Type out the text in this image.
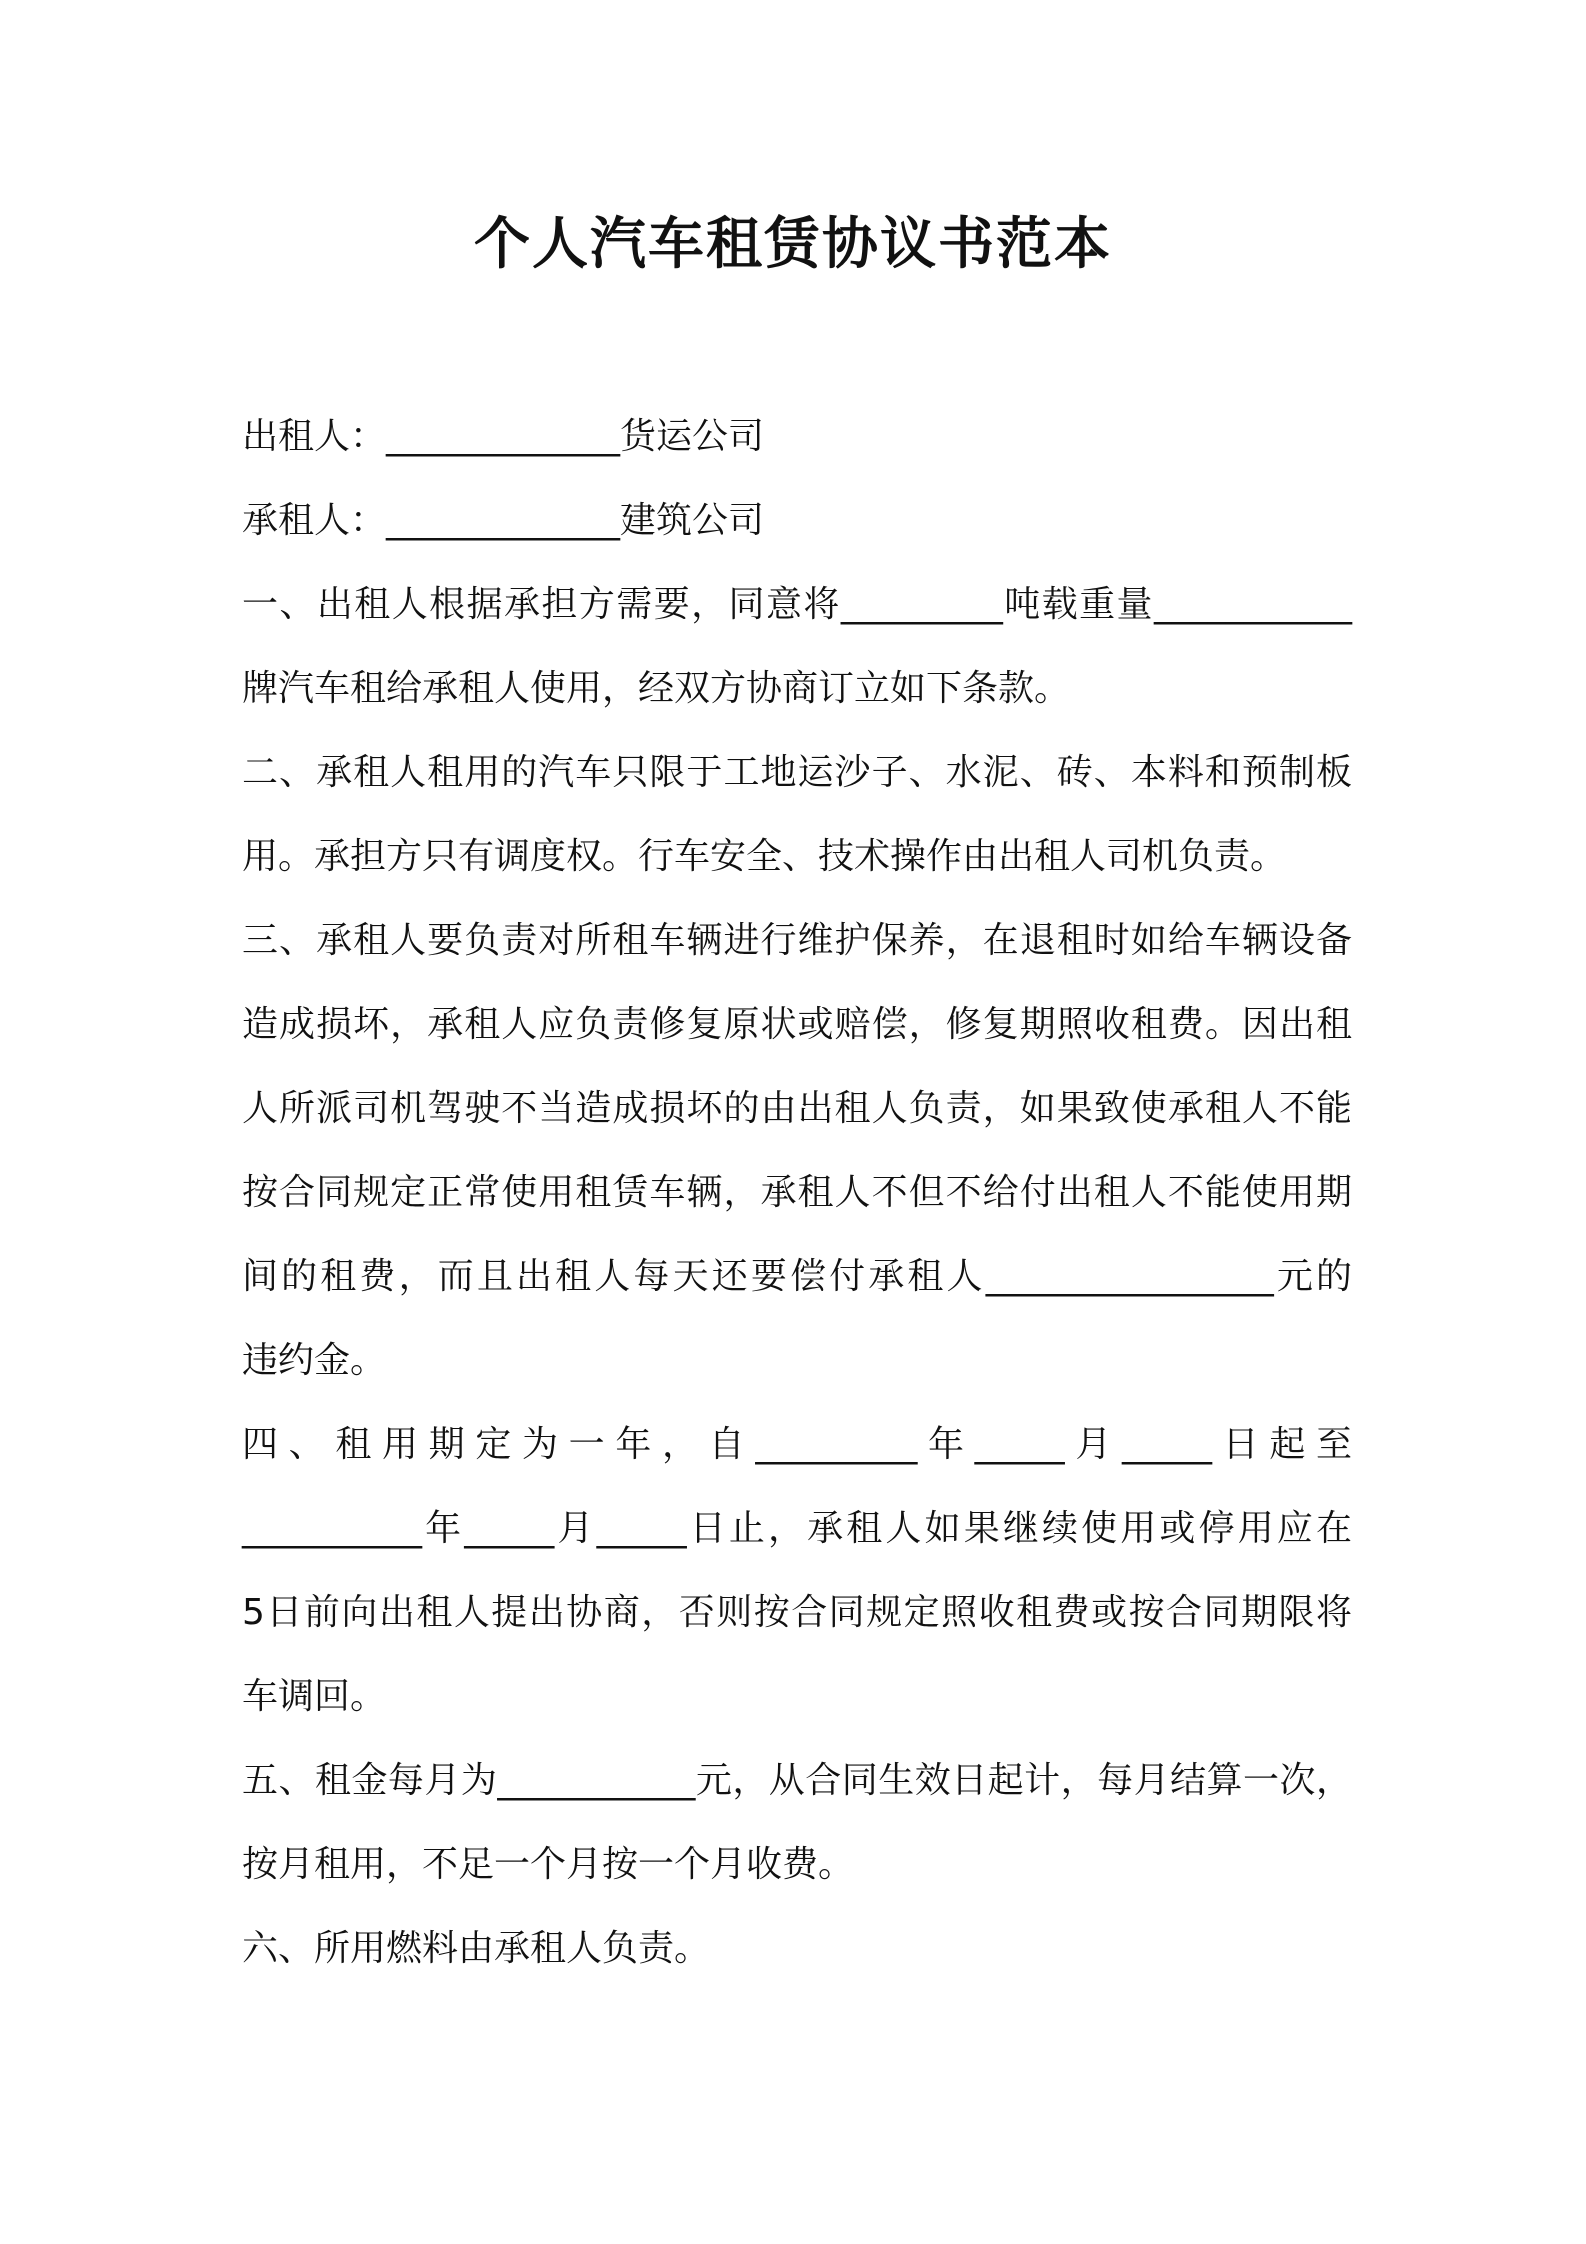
个人汽车租赁协议书范本
出租人：_____________货运公司
承租人：_____________建筑公司
一、出租人根据承担方需要，同意将_________吨载重量___________
牌汽车租给承租人使用，经双方协商订立如下条款。
二、承租人租用的汽车只限于工地运沙子、水泥、砖、本料和预制板
用。承担方只有调度权。行车安全、技术操作由出租人司机负责。
三、承租人要负责对所租车辆进行维护保养，在退租时如给车辆设备
造成损坏，承租人应负责修复原状或赔偿，修复期照收租费。因出租
人所派司机驾驶不当造成损坏的由出租人负责，如果致使承租人不能
按合同规定正常使用租赁车辆，承租人不但不给付出租人不能使用期
间的租费，而且出租人每天还要偿付承租人________________元的
违约金。
四、租用期定为一年，自_________年_____月_____日起至
__________年_____月_____日止，承租人如果继续使用或停用应在
5日前向出租人提出协商，否则按合同规定照收租费或按合同期限将
车调回。
五、租金每月为___________元，从合同生效日起计，每月结算一次，
按月租用，不足一个月按一个月收费。
六、所用燃料由承租人负责。
